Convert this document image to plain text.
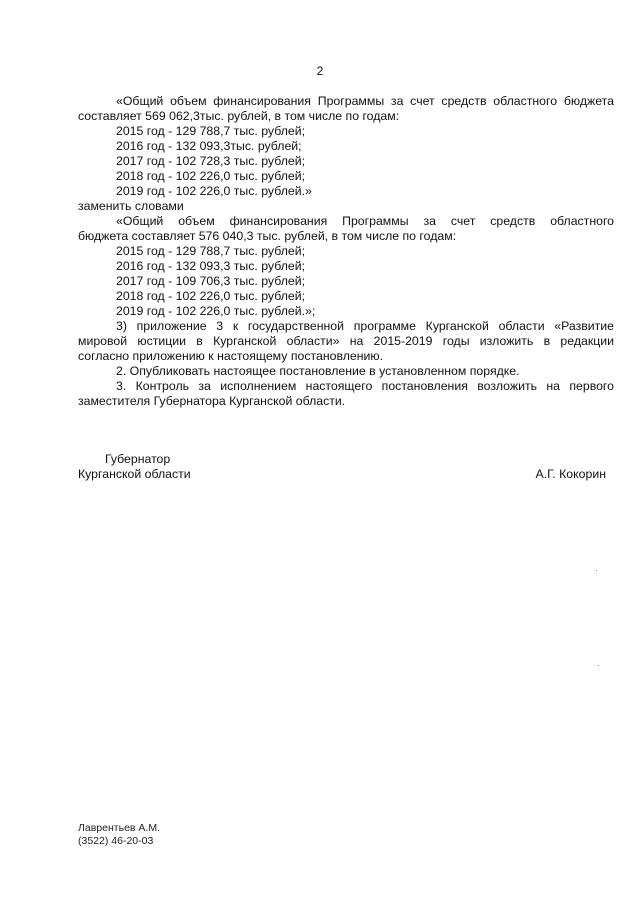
2
«Общий объем финансирования Программы за счет средств областного бюджета
составляет 569 062,3тыс. рублей, в том числе по годам:
2015 год - 129 788,7 тыс. рублей;
2016 год - 132 093,3тыс. рублей;
2017 год - 102 728,3 тыс. рублей;
2018 год - 102 226,0 тыс. рублей;
2019 год - 102 226,0 тыс. рублей.»
заменить словами
«Общий объем финансирования Программы за счет средств областного
бюджета составляет 576 040,3 тыс. рублей, в том числе по годам:
2015 год - 129 788,7 тыс. рублей;
2016 год - 132 093,3 тыс. рублей;
2017 год - 109 706,3 тыс. рублей;
2018 год - 102 226,0 тыс. рублей;
2019 год - 102 226,0 тыс. рублей.»;
3) приложение 3 к государственной программе Курганской области «Развитие
мировой юстиции в Курганской области» на 2015-2019 годы изложить в редакции
согласно приложению к настоящему постановлению.
2. Опубликовать настоящее постановление в установленном порядке.
3. Контроль за исполнением настоящего постановления возложить на первого
заместителя Губернатора Курганской области.
Губернатор
Курганской области	А.Г. Кокорин
Лаврентьев А.М.
(3522) 46-20-03
